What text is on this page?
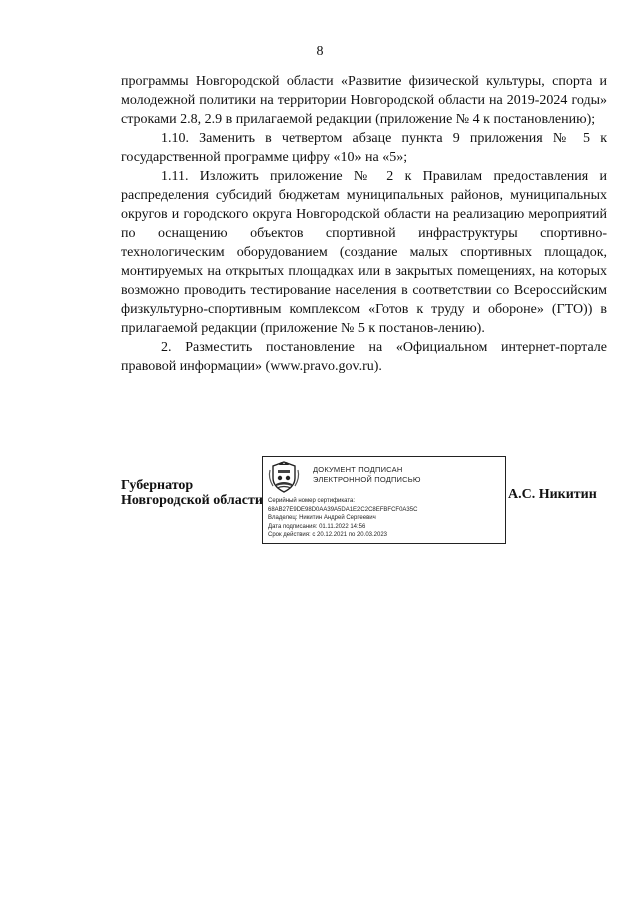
8

программы Новгородской области «Развитие физической культуры, спорта и молодежной политики на территории Новгородской области на 2019-2024 годы» строками 2.8, 2.9 в прилагаемой редакции (приложение № 4 к постановлению);

1.10. Заменить в четвертом абзаце пункта 9 приложения № 5 к государственной программе цифру «10» на «5»;

1.11. Изложить приложение № 2 к Правилам предоставления и распределения субсидий бюджетам муниципальных районов, муниципальных округов и городского округа Новгородской области на реализацию мероприятий по оснащению объектов спортивной инфраструктуры спортивно-технологическим оборудованием (создание малых спортивных площадок, монтируемых на открытых площадках или в закрытых помещениях, на которых возможно проводить тестирование населения в соответствии со Всероссийским физкультурно-спортивным комплексом «Готов к труду и обороне» (ГТО)) в прилагаемой редакции (приложение № 5 к постанов-лению).

2. Разместить постановление на «Официальном интернет-портале правовой информации» (www.pravo.gov.ru).

Губернатор
Новгородской области
ДОКУМЕНТ ПОДПИСАН
ЭЛЕКТРОННОЙ ПОДПИСЬЮ
Серийный номер сертификата:
68AB27E9DE98D0AA39A5DA1E2C2C8EFBFCF0A35C
Владелец: Никитин Андрей Сергеевич
Дата подписания: 01.11.2022 14:56
Срок действия: с 20.12.2021 по 20.03.2023
А.С. Никитин
